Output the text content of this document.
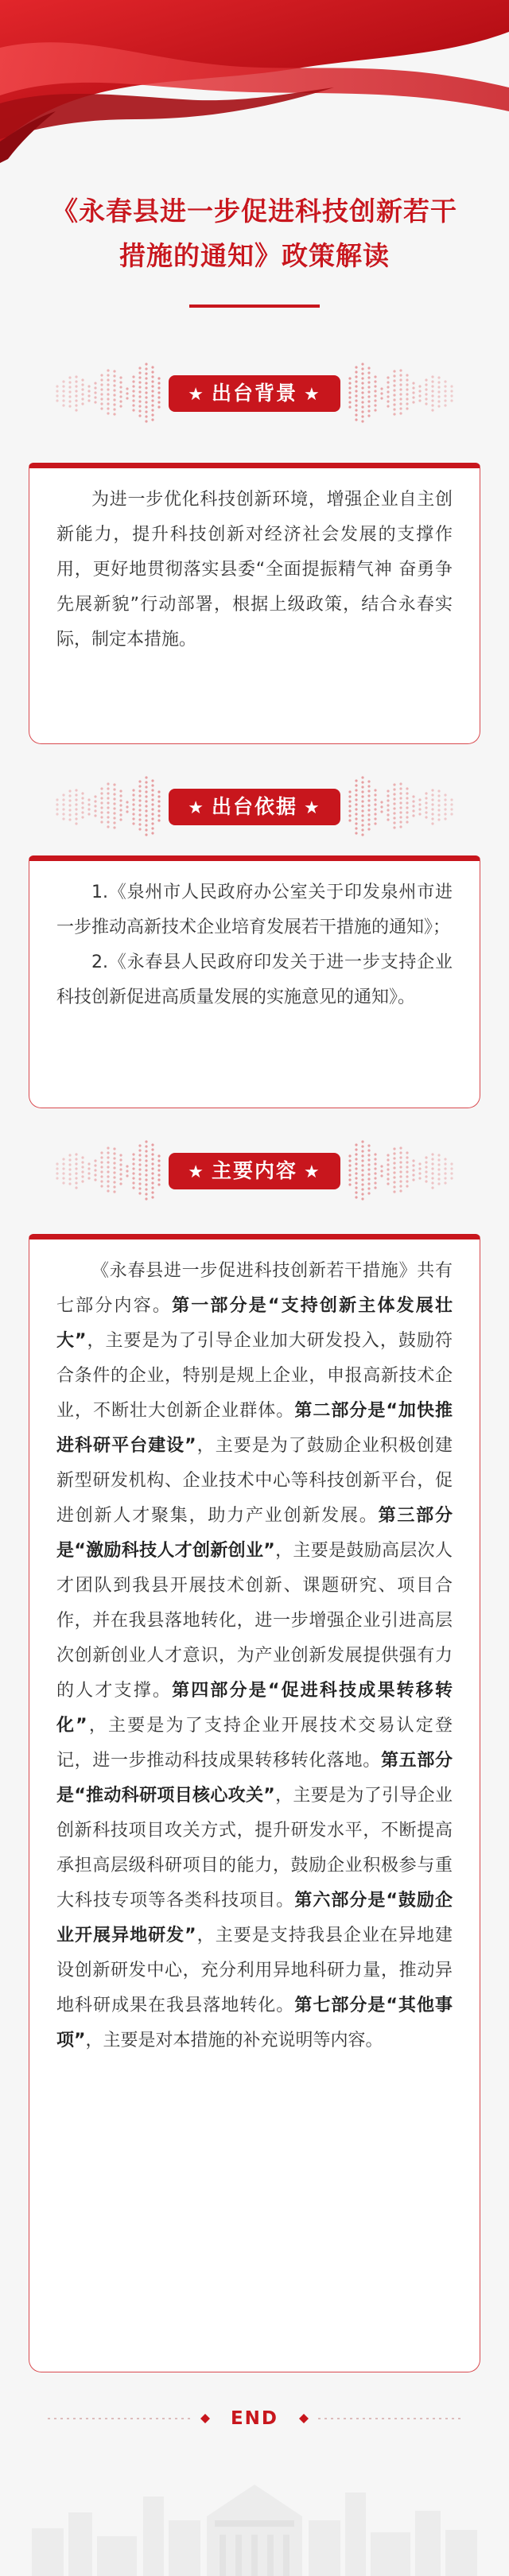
《永春县进一步促进科技创新若干
措施的通知》政策解读
★ 出台背景 ★

为进一步优化科技创新环境，增强企业自主创新能力，提升科技创新对经济社会发展的支撑作用，更好地贯彻落实县委“全面提振精气神 奋勇争先展新貌”行动部署，根据上级政策，结合永春实际，制定本措施。

★ 出台依据 ★

1.《泉州市人民政府办公室关于印发泉州市进一步推动高新技术企业培育发展若干措施的通知》；

2.《永春县人民政府印发关于进一步支持企业科技创新促进高质量发展的实施意见的通知》。

★ 主要内容 ★

《永春县进一步促进科技创新若干措施》共有七部分内容。第一部分是“支持创新主体发展壮大”，主要是为了引导企业加大研发投入，鼓励符合条件的企业，特别是规上企业，申报高新技术企业，不断壮大创新企业群体。第二部分是“加快推进科研平台建设”，主要是为了鼓励企业积极创建新型研发机构、企业技术中心等科技创新平台，促进创新人才聚集，助力产业创新发展。第三部分是“激励科技人才创新创业”，主要是鼓励高层次人才团队到我县开展技术创新、课题研究、项目合作，并在我县落地转化，进一步增强企业引进高层次创新创业人才意识，为产业创新发展提供强有力的人才支撑。第四部分是“促进科技成果转移转化”，主要是为了支持企业开展技术交易认定登记，进一步推动科技成果转移转化落地。第五部分是“推动科研项目核心攻关”，主要是为了引导企业创新科技项目攻关方式，提升研发水平，不断提高承担高层级科研项目的能力，鼓励企业积极参与重大科技专项等各类科技项目。第六部分是“鼓励企业开展异地研发”，主要是支持我县企业在异地建设创新研发中心，充分利用异地科研力量，推动异地科研成果在我县落地转化。第七部分是“其他事项”，主要是对本措施的补充说明等内容。

END
